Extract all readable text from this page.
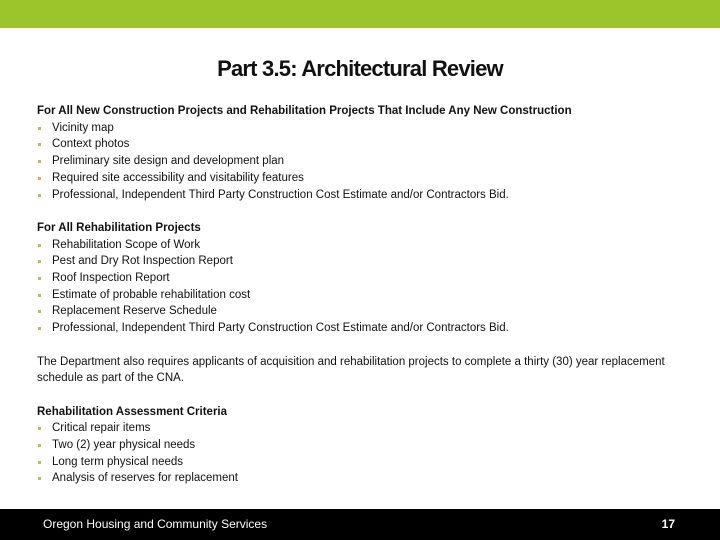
Part 3.5: Architectural Review
For All New Construction Projects and Rehabilitation Projects That Include Any New Construction
Vicinity map
Context photos
Preliminary site design and development plan
Required site accessibility and visitability features
Professional, Independent Third Party Construction Cost Estimate and/or Contractors Bid.
For All Rehabilitation Projects
Rehabilitation Scope of Work
Pest and Dry Rot Inspection Report
Roof Inspection Report
Estimate of probable rehabilitation cost
Replacement Reserve Schedule
Professional, Independent Third Party Construction Cost Estimate and/or Contractors Bid.
The Department also requires applicants of acquisition and rehabilitation projects to complete a thirty (30) year replacement schedule as part of the CNA.
Rehabilitation Assessment Criteria
Critical repair items
Two (2) year physical needs
Long term physical needs
Analysis of reserves for replacement
Oregon Housing and Community Services	17
